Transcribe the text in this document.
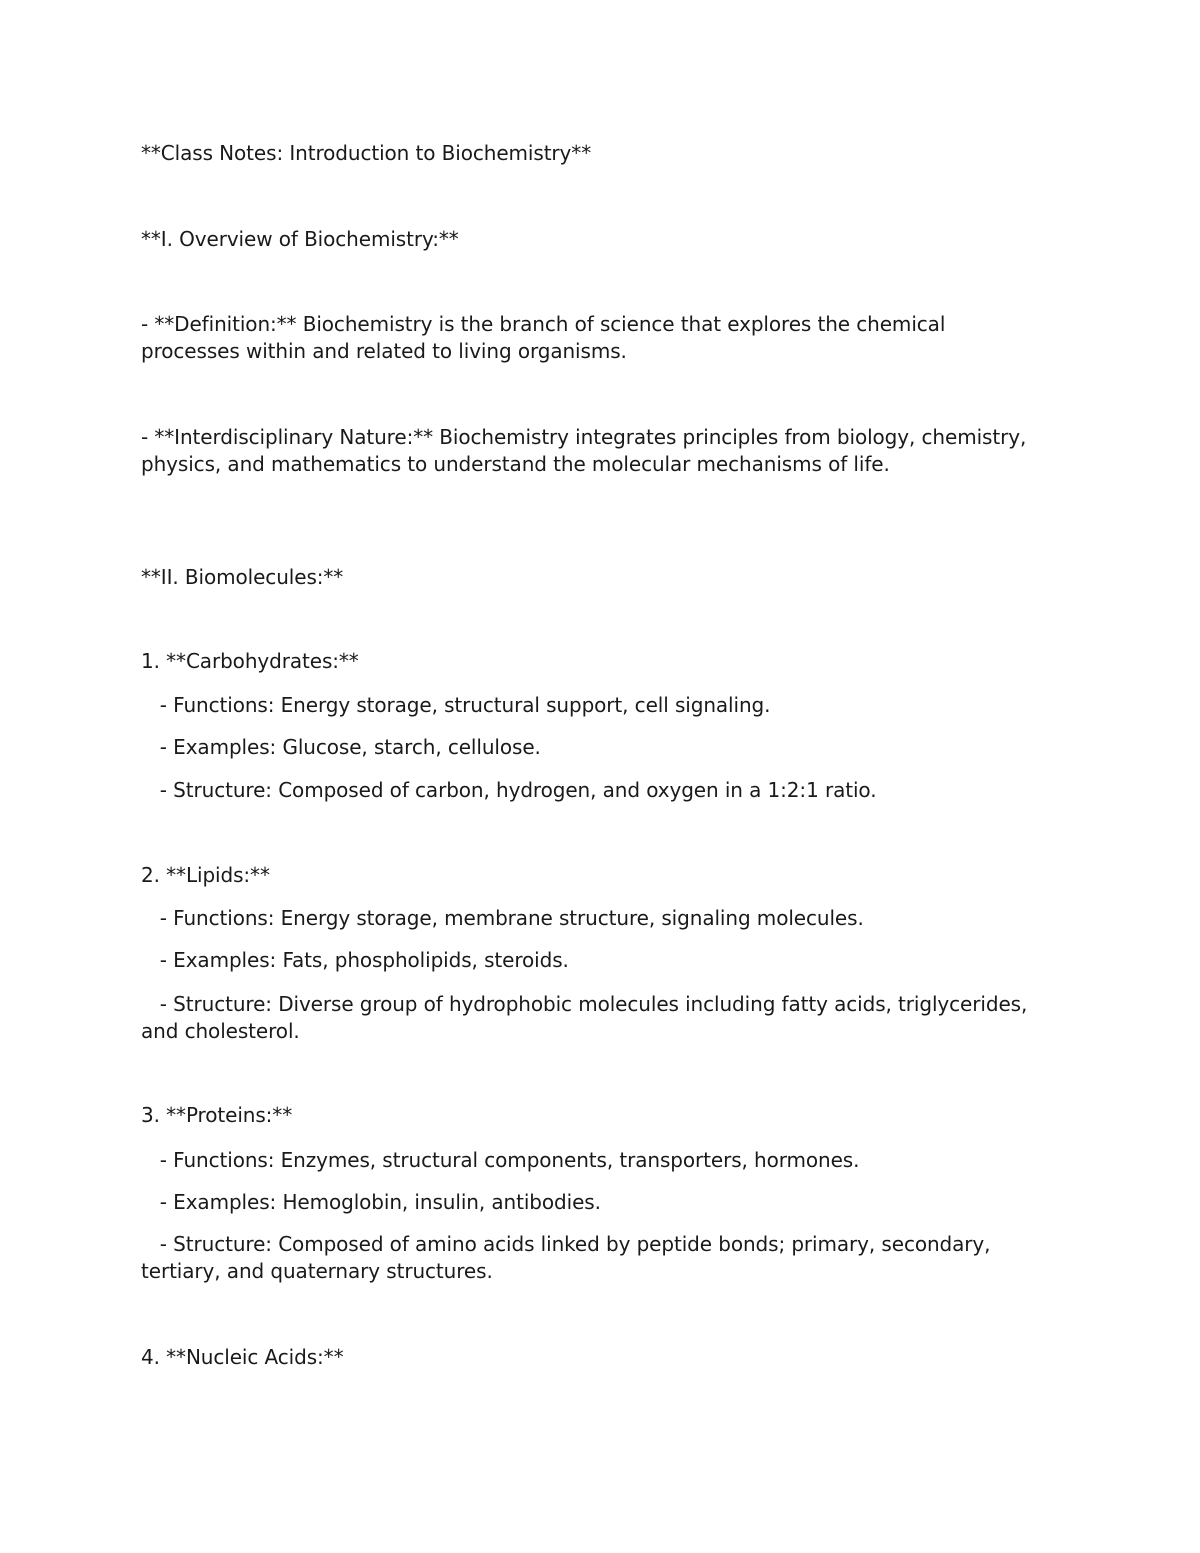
**Class Notes: Introduction to Biochemistry**
**I. Overview of Biochemistry:**
- **Definition:** Biochemistry is the branch of science that explores the chemical processes within and related to living organisms.
- **Interdisciplinary Nature:** Biochemistry integrates principles from biology, chemistry, physics, and mathematics to understand the molecular mechanisms of life.
**II. Biomolecules:**
1. **Carbohydrates:**
- Functions: Energy storage, structural support, cell signaling.
- Examples: Glucose, starch, cellulose.
- Structure: Composed of carbon, hydrogen, and oxygen in a 1:2:1 ratio.
2. **Lipids:**
- Functions: Energy storage, membrane structure, signaling molecules.
- Examples: Fats, phospholipids, steroids.
- Structure: Diverse group of hydrophobic molecules including fatty acids, triglycerides, and cholesterol.
3. **Proteins:**
- Functions: Enzymes, structural components, transporters, hormones.
- Examples: Hemoglobin, insulin, antibodies.
- Structure: Composed of amino acids linked by peptide bonds; primary, secondary, tertiary, and quaternary structures.
4. **Nucleic Acids:**
